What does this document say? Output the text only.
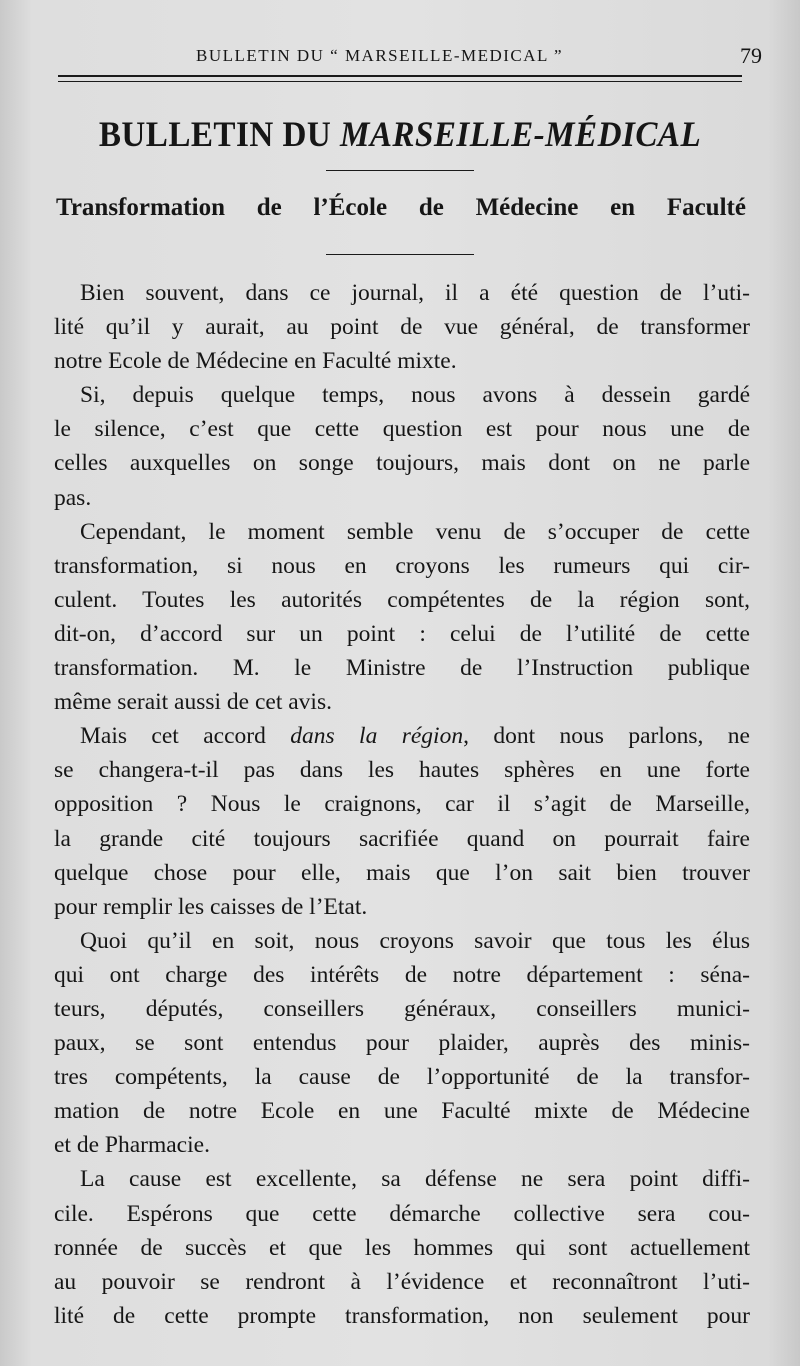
BULLETIN DU “ MARSEILLE-MEDICAL ”	79
BULLETIN DU MARSEILLE-MÉDICAL
Transformation de l’École de Médecine en Faculté
Bien souvent, dans ce journal, il a été question de l’uti-
lité qu’il y aurait, au point de vue général, de transformer
notre Ecole de Médecine en Faculté mixte.
Si, depuis quelque temps, nous avons à dessein gardé
le silence, c’est que cette question est pour nous une de
celles auxquelles on songe toujours, mais dont on ne parle
pas.
Cependant, le moment semble venu de s’occuper de cette
transformation, si nous en croyons les rumeurs qui cir-
culent. Toutes les autorités compétentes de la région sont,
dit-on, d’accord sur un point : celui de l’utilité de cette
transformation. M. le Ministre de l’Instruction publique
même serait aussi de cet avis.
Mais cet accord dans la région, dont nous parlons, ne
se changera-t-il pas dans les hautes sphères en une forte
opposition ? Nous le craignons, car il s’agit de Marseille,
la grande cité toujours sacrifiée quand on pourrait faire
quelque chose pour elle, mais que l’on sait bien trouver
pour remplir les caisses de l’Etat.
Quoi qu’il en soit, nous croyons savoir que tous les élus
qui ont charge des intérêts de notre département : séna-
teurs, députés, conseillers généraux, conseillers munici-
paux, se sont entendus pour plaider, auprès des minis-
tres compétents, la cause de l’opportunité de la transfor-
mation de notre Ecole en une Faculté mixte de Médecine
et de Pharmacie.
La cause est excellente, sa défense ne sera point diffi-
cile. Espérons que cette démarche collective sera cou-
ronnée de succès et que les hommes qui sont actuellement
au pouvoir se rendront à l’évidence et reconnaîtront l’uti-
lité de cette prompte transformation, non seulement pour
